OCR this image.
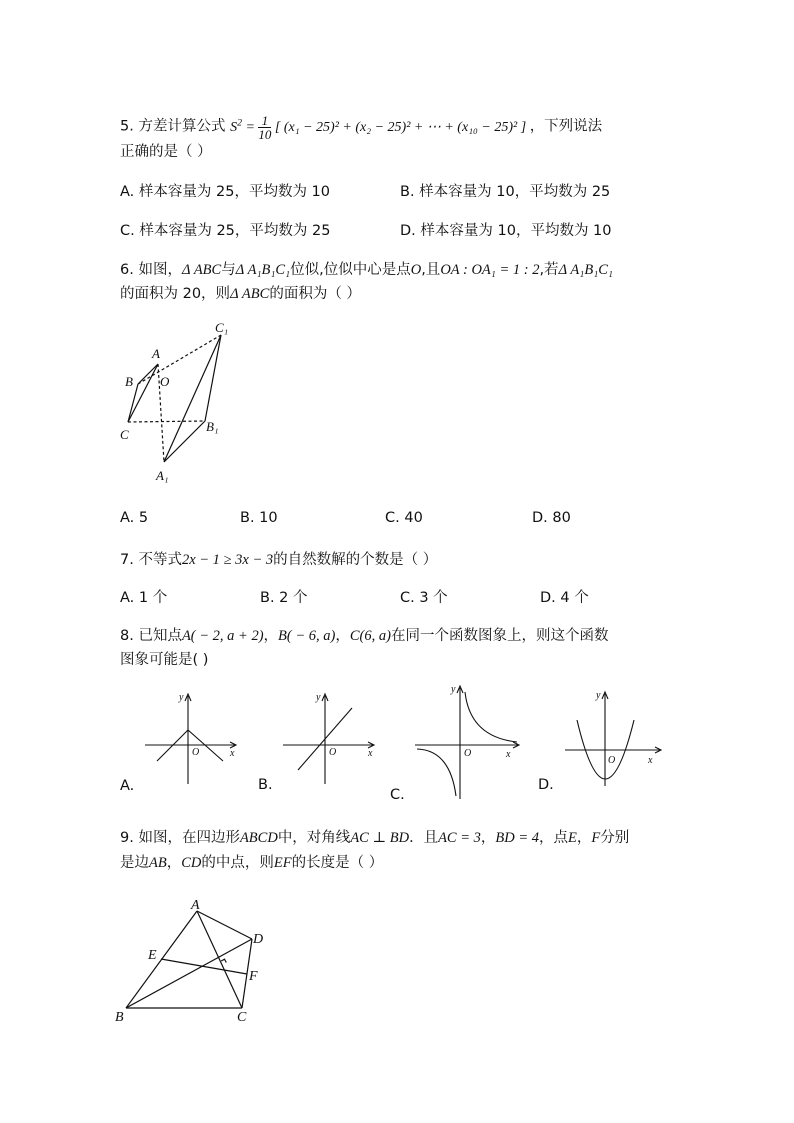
5. 方差计算公式 $S^2 = \frac{1}{10}$ [ (x₁ − 25)² + (x₂ − 25)² + ⋯ + (x₁₀ − 25)² ] ，下列说法
正确的是（ ）
A. 样本容量为 25，平均数为 10	B. 样本容量为 10，平均数为 25
C. 样本容量为 25，平均数为 25	D. 样本容量为 10，平均数为 10
6. 如图，Δ ABC与Δ A₁B₁C₁位似,位似中心是点O,且OA : OA₁ = 1 : 2,若Δ A₁B₁C₁
的面积为 20，则Δ ABC的面积为（ ）
A
B
C
O
A₁
B₁
C₁
A. 5	B. 10	C. 40	D. 80
7. 不等式2x − 1 ≥ 3x − 3的自然数解的个数是（ ）
A. 1 个	B. 2 个	C. 3 个	D. 4 个
8. 已知点A( − 2, a + 2)，B( − 6, a)，C(6, a)在同一个函数图象上，则这个函数
图象可能是( )
y
x
O
y
x
O
y
x
O
y
x
O
A.	B.
C.
D.
9. 如图，在四边形ABCD中，对角线AC ⊥ BD．且AC = 3，BD = 4，点E，F分别
是边AB，CD的中点，则EF的长度是（ ）
A
B	C
D
E
F
